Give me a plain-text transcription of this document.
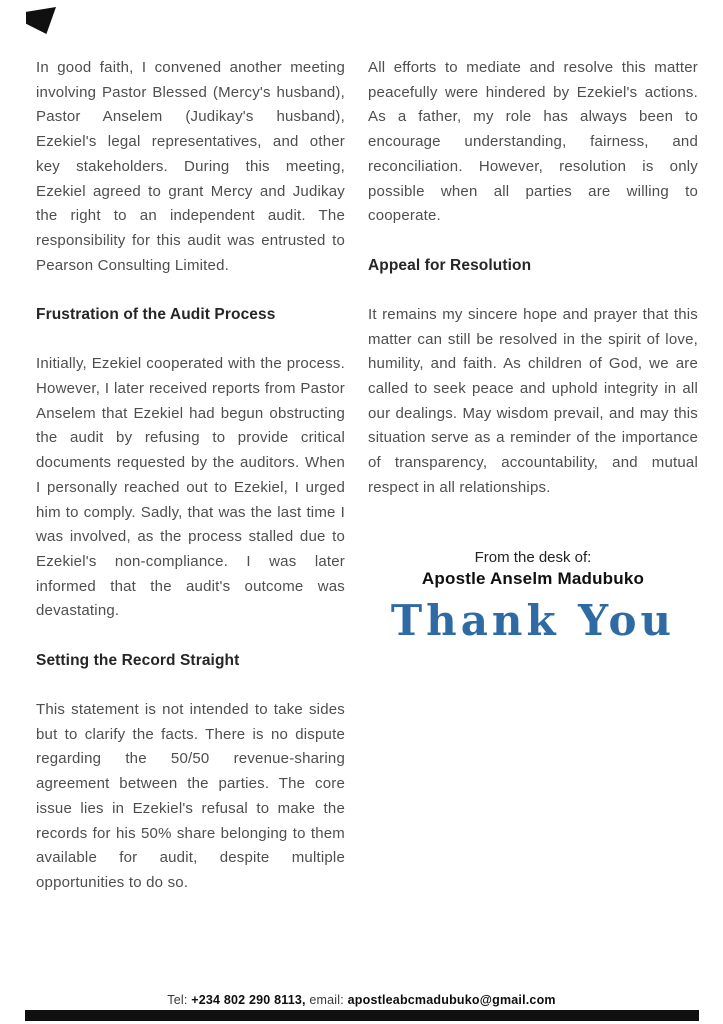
In good faith, I convened another meeting involving Pastor Blessed (Mercy's husband), Pastor Anselem (Judikay's husband), Ezekiel's legal representatives, and other key stakeholders. During this meeting, Ezekiel agreed to grant Mercy and Judikay the right to an independent audit. The responsibility for this audit was entrusted to Pearson Consulting Limited.

Frustration of the Audit Process

Initially, Ezekiel cooperated with the process. However, I later received reports from Pastor Anselem that Ezekiel had begun obstructing the audit by refusing to provide critical documents requested by the auditors. When I personally reached out to Ezekiel, I urged him to comply. Sadly, that was the last time I was involved, as the process stalled due to Ezekiel's non-compliance. I was later informed that the audit's outcome was devastating.

Setting the Record Straight

This statement is not intended to take sides but to clarify the facts. There is no dispute regarding the 50/50 revenue-sharing agreement between the parties. The core issue lies in Ezekiel's refusal to make the records for his 50% share belonging to them available for audit, despite multiple opportunities to do so.

All efforts to mediate and resolve this matter peacefully were hindered by Ezekiel's actions. As a father, my role has always been to encourage understanding, fairness, and reconciliation. However, resolution is only possible when all parties are willing to cooperate.

Appeal for Resolution

It remains my sincere hope and prayer that this matter can still be resolved in the spirit of love, humility, and faith. As children of God, we are called to seek peace and uphold integrity in all our dealings. May wisdom prevail, and may this situation serve as a reminder of the importance of transparency, accountability, and mutual respect in all relationships.

From the desk of:
Apostle Anselm Madubuko
Thank You
Tel: +234 802 290 8113, email: apostleabcmadubuko@gmail.com
